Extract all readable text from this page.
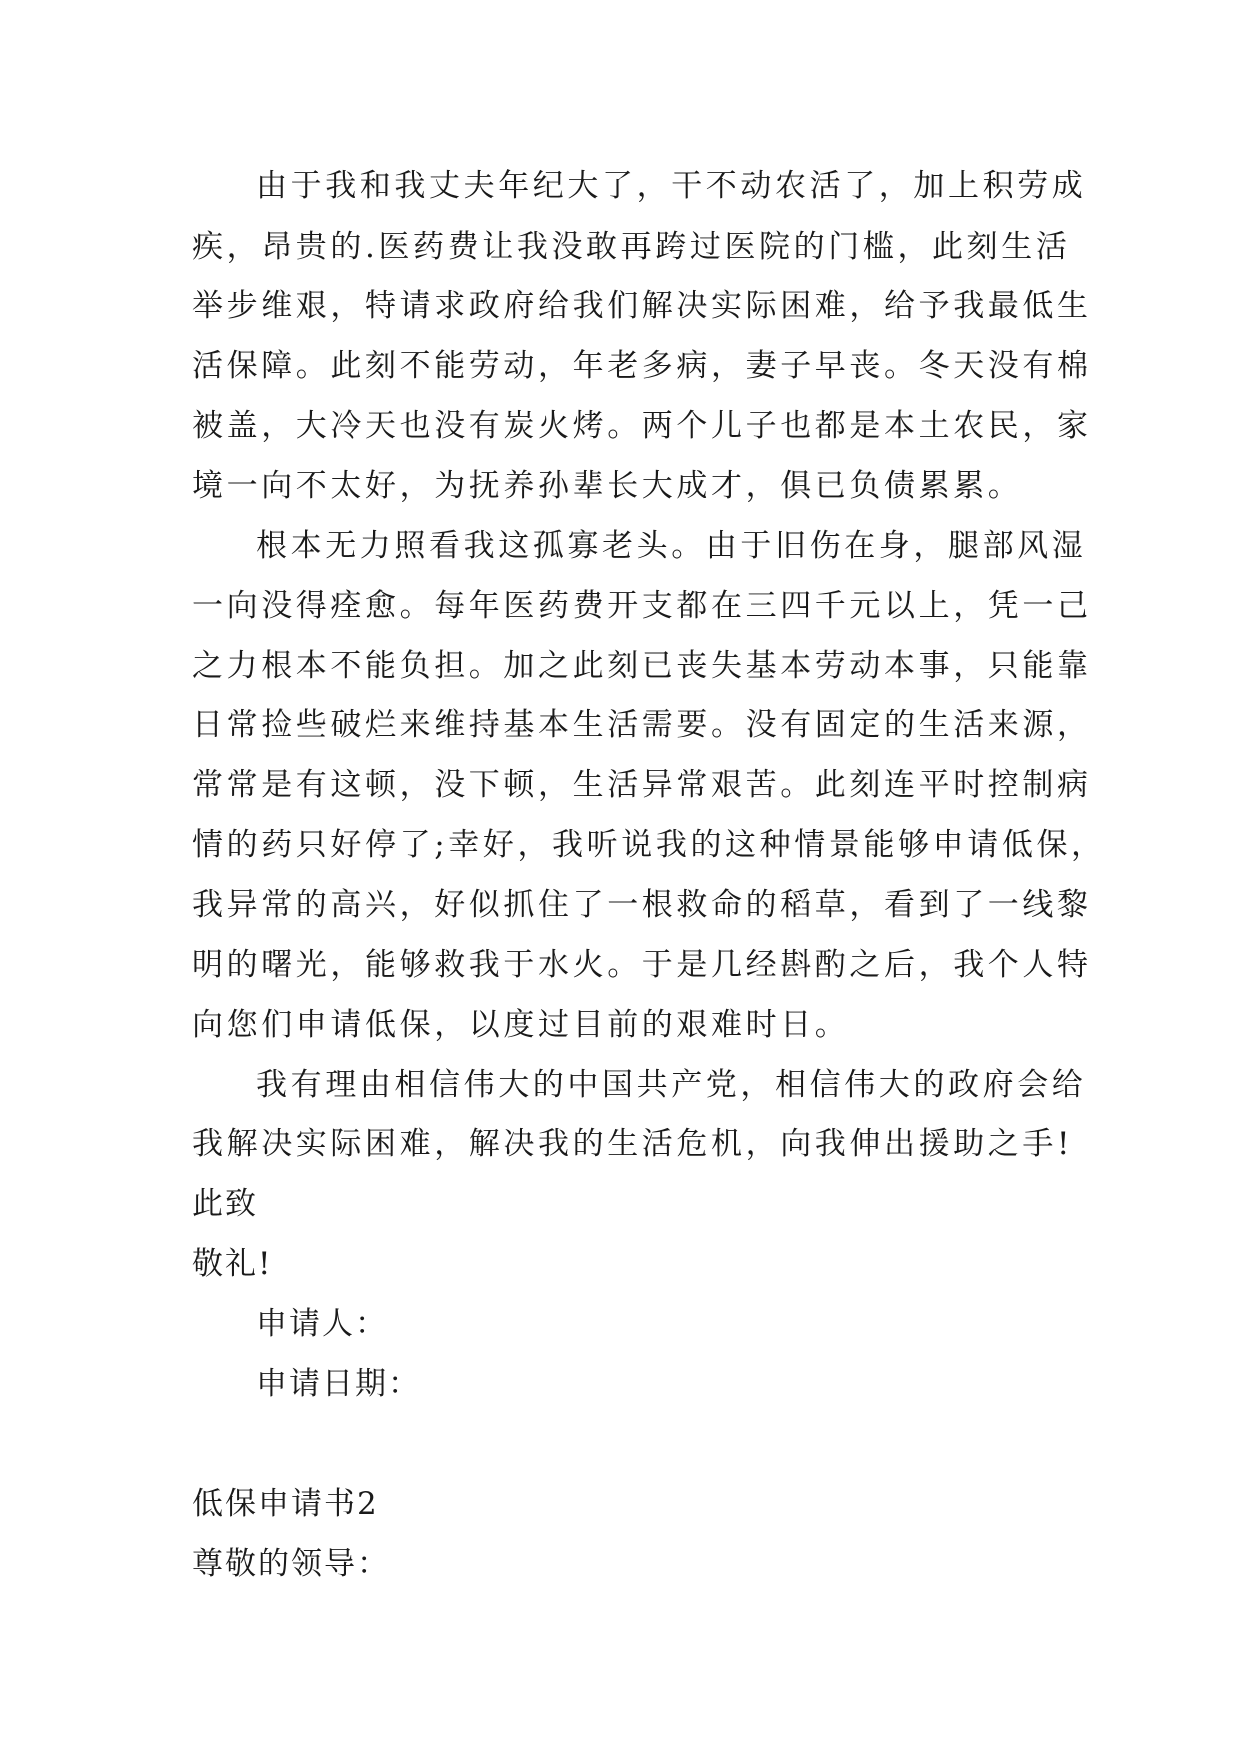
由于我和我丈夫年纪大了，干不动农活了，加上积劳成
疾，昂贵的.医药费让我没敢再跨过医院的门槛，此刻生活
举步维艰，特请求政府给我们解决实际困难，给予我最低生
活保障。此刻不能劳动，年老多病，妻子早丧。冬天没有棉
被盖，大冷天也没有炭火烤。两个儿子也都是本土农民，家
境一向不太好，为抚养孙辈长大成才，俱已负债累累。
根本无力照看我这孤寡老头。由于旧伤在身，腿部风湿
一向没得痊愈。每年医药费开支都在三四千元以上，凭一己
之力根本不能负担。加之此刻已丧失基本劳动本事，只能靠
日常捡些破烂来维持基本生活需要。没有固定的生活来源，
常常是有这顿，没下顿，生活异常艰苦。此刻连平时控制病
情的药只好停了;幸好，我听说我的这种情景能够申请低保，
我异常的高兴，好似抓住了一根救命的稻草，看到了一线黎
明的曙光，能够救我于水火。于是几经斟酌之后，我个人特
向您们申请低保，以度过目前的艰难时日。
我有理由相信伟大的中国共产党，相信伟大的政府会给
我解决实际困难，解决我的生活危机，向我伸出援助之手!
此致
敬礼!
申请人：
申请日期：
低保申请书2
尊敬的领导：
